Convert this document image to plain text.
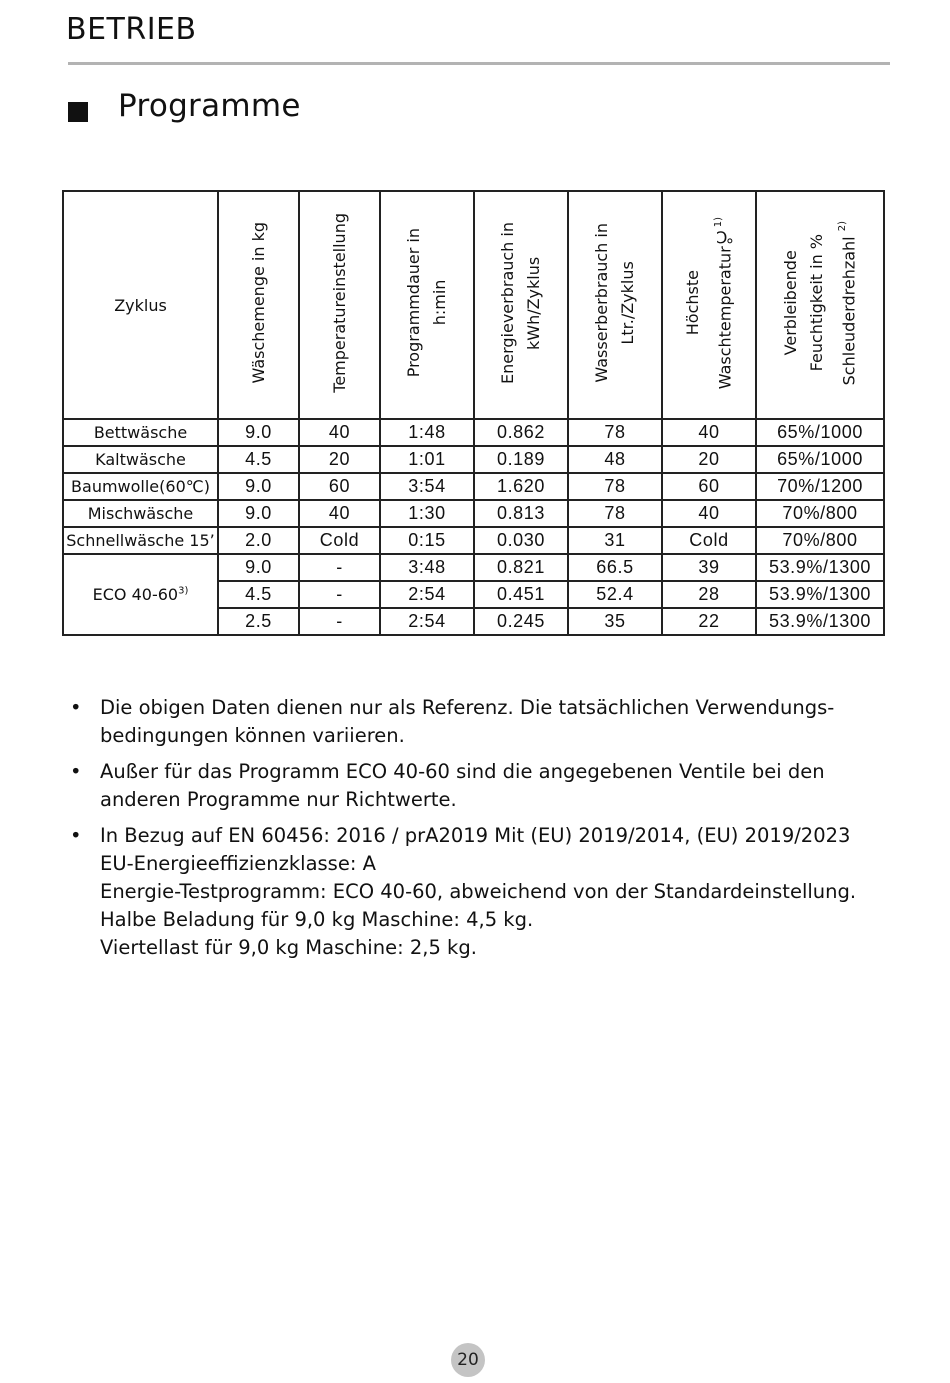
BETRIEB
Programme
Zyklus	Wäschemenge in kg	Temperatureinstellung	Programmdauer in h:min	Energieverbrauch in kWh/Zyklus	Wasserberbrauch in Ltr./Zyklus	Höchste Waschtemperatur℃$^{1)}$	Verbleibende Feuchtigkeit in % Schleuderdrehzahl $^{2)}$

Bettwäsche	9.0	40	1:48	0.862	78	40	65%/1000
Kaltwäsche	4.5	20	1:01	0.189	48	20	65%/1000
Baumwolle(60℃)	9.0	60	3:54	1.620	78	60	70%/1200
Mischwäsche	9.0	40	1:30	0.813	78	40	70%/800
Schnellwäsche 15’	2.0	Cold	0:15	0.030	31	Cold	70%/800
ECO 40-60$^{3)}$	9.0	-	3:48	0.821	66.5	39	53.9%/1300
	4.5	-	2:54	0.451	52.4	28	53.9%/1300
	2.5	-	2:54	0.245	35	22	53.9%/1300
• Die obigen Daten dienen nur als Referenz. Die tatsächlichen Verwendungs-
bedingungen können variieren.
• Außer für das Programm ECO 40-60 sind die angegebenen Ventile bei den
anderen Programme nur Richtwerte.
• In Bezug auf EN 60456: 2016 / prA2019 Mit (EU) 2019/2014, (EU) 2019/2023
EU-Energieeffizienzklasse: A
Energie-Testprogramm: ECO 40-60, abweichend von der Standardeinstellung.
Halbe Beladung für 9,0 kg Maschine: 4,5 kg.
Viertellast für 9,0 kg Maschine: 2,5 kg.
20
